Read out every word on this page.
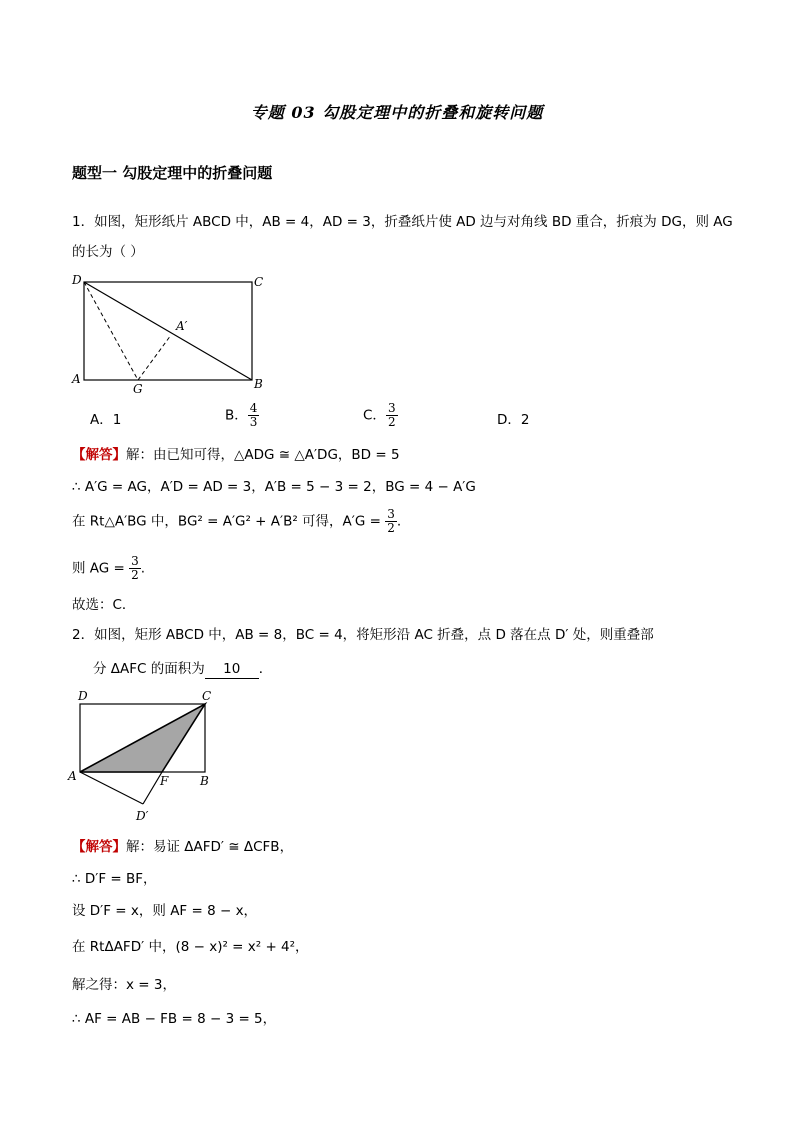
专题 03 勾股定理中的折叠和旋转问题
题型一 勾股定理中的折叠问题
1．如图，矩形纸片 ABCD 中，AB = 4，AD = 3，折叠纸片使 AD 边与对角线 BD 重合，折痕为 DG，则 AG
的长为（ ）
D	C
A′
A
G	B
A．1	B． $\frac{4}{3}$	C． $\frac{3}{2}$	D．2
【解答】解：由已知可得，△ADG ≅ △A′DG，BD = 5
∴ A′G = AG，A′D = AD = 3，A′B = 5 − 3 = 2，BG = 4 − A′G
在 Rt△A′BG 中，BG² = A′G² + A′B² 可得，$A'G = \frac{3}{2}$ .
则 AG = $\frac{3}{2}$ .
故选：C．
2．如图，矩形 ABCD 中，AB = 8，BC = 4，将矩形沿 AC 折叠，点 D 落在点 D′ 处，则重叠部
分 ΔAFC 的面积为 10 ．
D	C
A	F	B
D′
【解答】解：易证 ΔAFD′ ≅ ΔCFB，
∴ D′F = BF，
设 D′F = x，则 AF = 8 − x，
在 RtΔAFD′ 中，(8 − x)² = x² + 4²，
解之得：x = 3，
∴ AF = AB − FB = 8 − 3 = 5，
